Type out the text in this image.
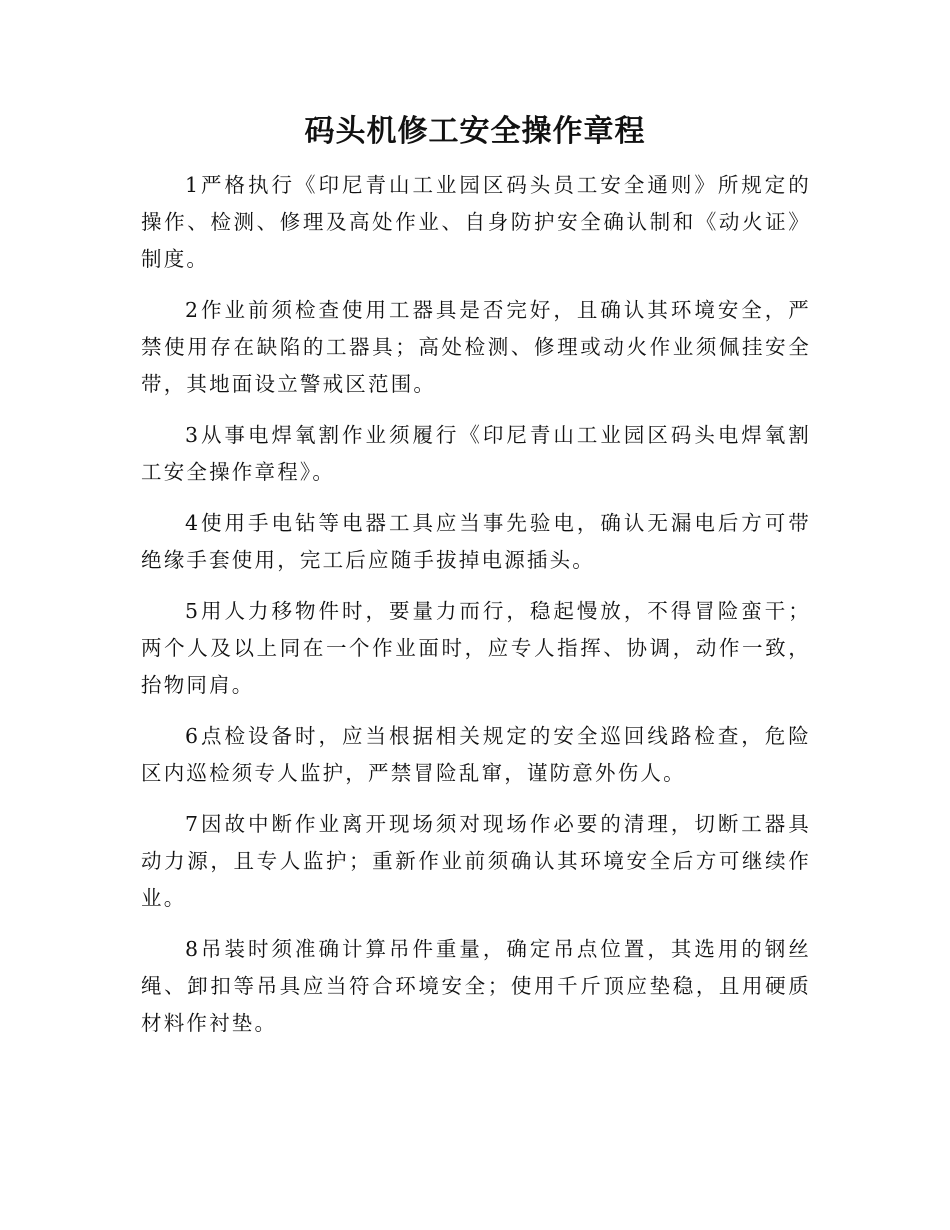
码头机修工安全操作章程

1严格执行《印尼青山工业园区码头员工安全通则》所规定的操作、检测、修理及高处作业、自身防护安全确认制和《动火证》制度。

2作业前须检查使用工器具是否完好，且确认其环境安全，严禁使用存在缺陷的工器具；高处检测、修理或动火作业须佩挂安全带，其地面设立警戒区范围。

3从事电焊氧割作业须履行《印尼青山工业园区码头电焊氧割工安全操作章程》。

4使用手电钻等电器工具应当事先验电，确认无漏电后方可带绝缘手套使用，完工后应随手拔掉电源插头。

5用人力移物件时，要量力而行，稳起慢放，不得冒险蛮干；两个人及以上同在一个作业面时，应专人指挥、协调，动作一致，抬物同肩。

6点检设备时，应当根据相关规定的安全巡回线路检查，危险区内巡检须专人监护，严禁冒险乱窜，谨防意外伤人。

7因故中断作业离开现场须对现场作必要的清理，切断工器具动力源，且专人监护；重新作业前须确认其环境安全后方可继续作业。

8吊装时须准确计算吊件重量，确定吊点位置，其选用的钢丝绳、卸扣等吊具应当符合环境安全；使用千斤顶应垫稳，且用硬质材料作衬垫。
